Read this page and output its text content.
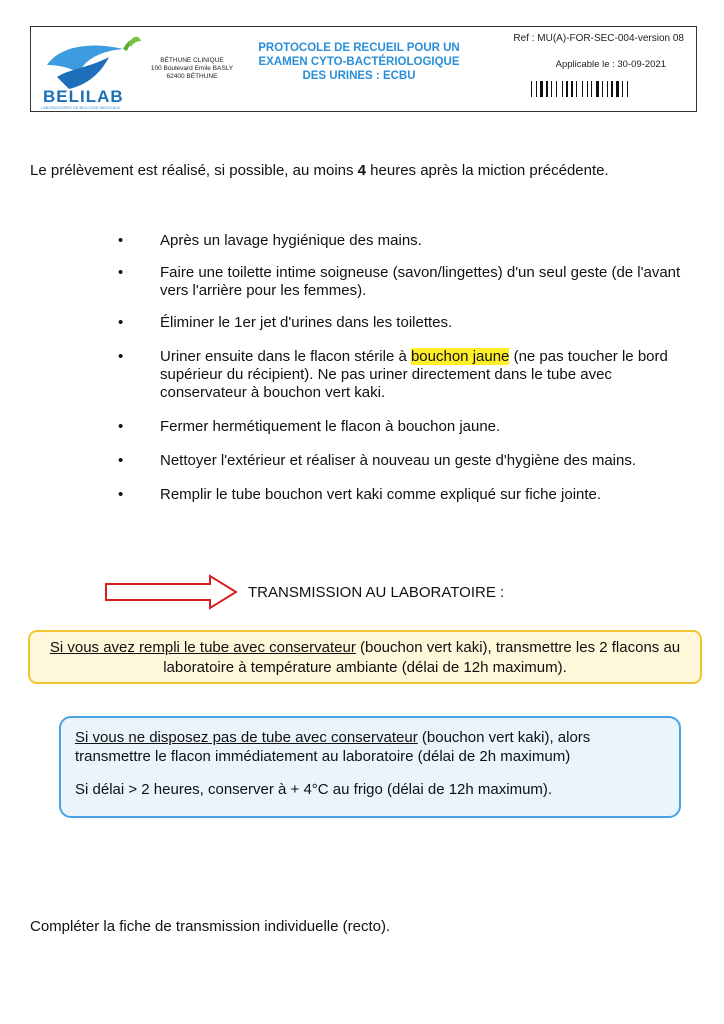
BELILAB
LABORATOIRES DE BIOLOGIE MÉDICALE
BÉTHUNE CLINIQUE
100 Boulevard Emile BASLY
62400 BÉTHUNE
PROTOCOLE DE RECUEIL POUR UN
EXAMEN CYTO-BACTÉRIOLOGIQUE
DES URINES : ECBU
Ref : MU(A)-FOR-SEC-004-version 08
Applicable le : 30-09-2021

Le prélèvement est réalisé, si possible, au moins 4 heures après la miction précédente.

• Après un lavage hygiénique des mains.
• Faire une toilette intime soigneuse (savon/lingettes) d'un seul geste (de l'avant vers l'arrière pour les femmes).
• Éliminer le 1er jet d'urines dans les toilettes.
• Uriner ensuite dans le flacon stérile à bouchon jaune (ne pas toucher le bord supérieur du récipient). Ne pas uriner directement dans le tube avec conservateur à bouchon vert kaki.
• Fermer hermétiquement le flacon à bouchon jaune.
• Nettoyer l'extérieur et réaliser à nouveau un geste d'hygiène des mains.
• Remplir le tube bouchon vert kaki comme expliqué sur fiche jointe.
TRANSMISSION AU LABORATOIRE :
Si vous avez rempli le tube avec conservateur (bouchon vert kaki), transmettre les 2 flacons au laboratoire à température ambiante (délai de 12h maximum).

Si vous ne disposez pas de tube avec conservateur (bouchon vert kaki), alors transmettre le flacon immédiatement au laboratoire (délai de 2h maximum)

Si délai > 2 heures, conserver à + 4°C au frigo (délai de 12h maximum).

Compléter la fiche de transmission individuelle (recto).
